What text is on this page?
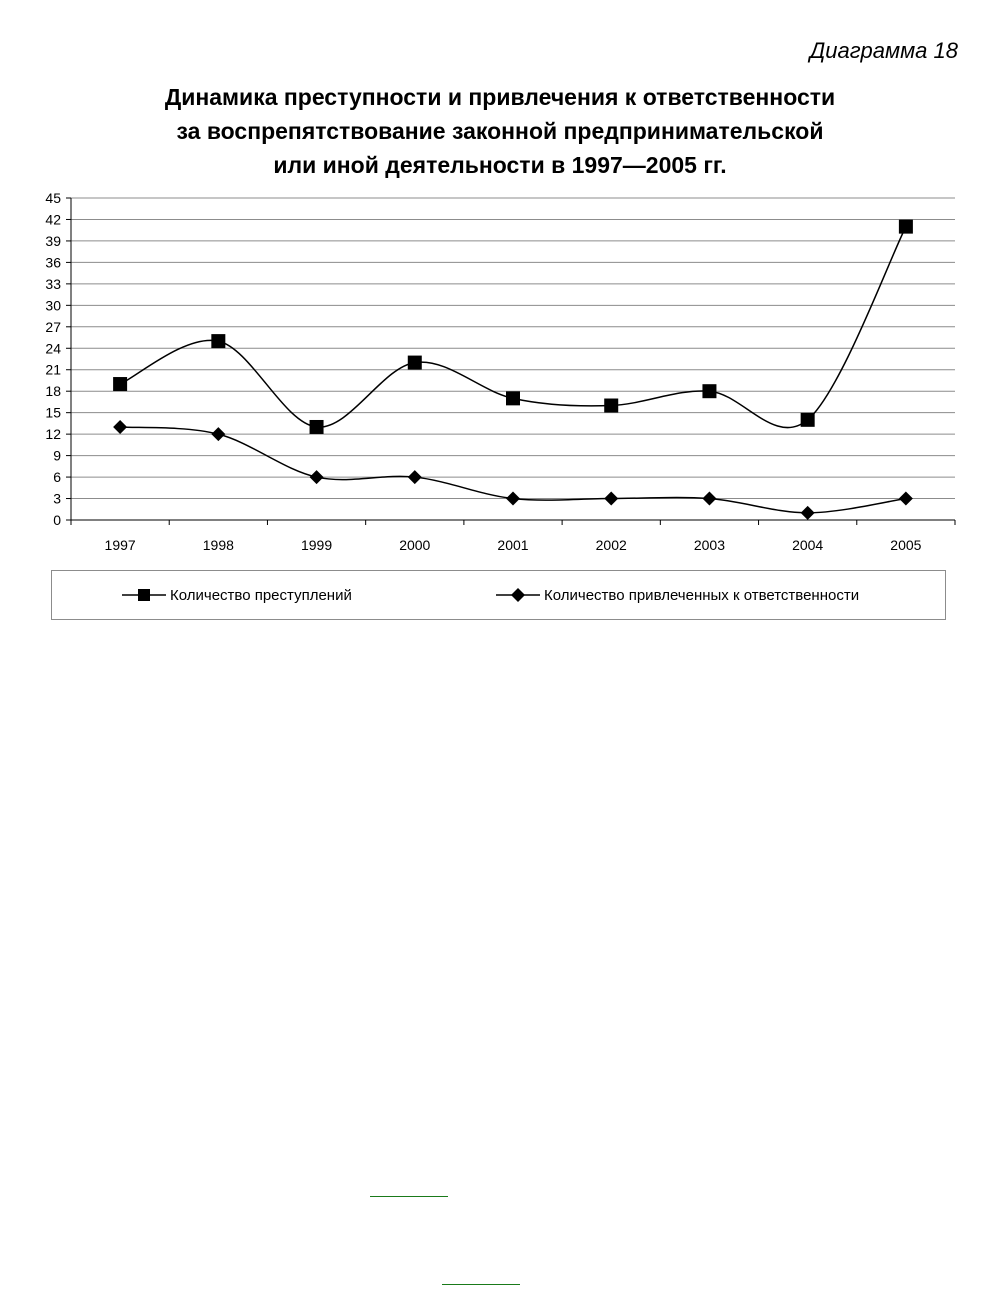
Диаграмма 18
Динамика преступности и привлечения к ответственности
за воспрепятствование законной предпринимательской
или иной деятельности в 1997—2005 гг.
0
3
6
9
12
15
18
21
24
27
30
33
36
39
42
45
1997	1998	1999	2000	2001	2002	2003	2004	2005
Количество преступлений	Количество привлеченных к ответственности
